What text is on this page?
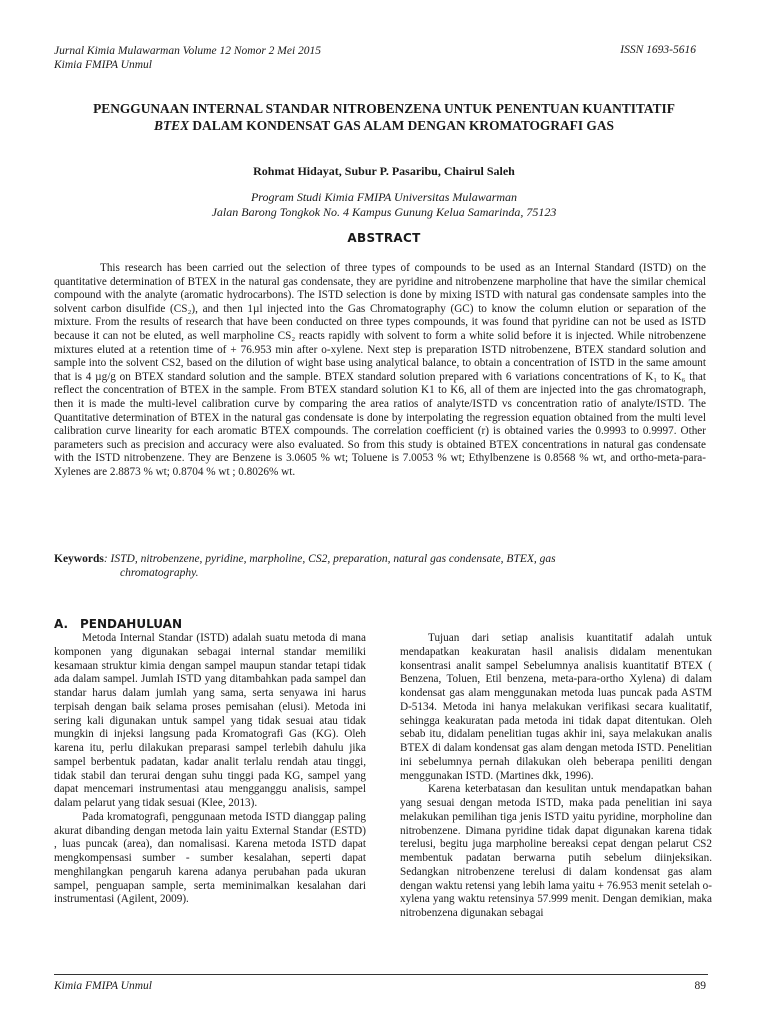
Jurnal Kimia Mulawarman Volume 12 Nomor 2 Mei 2015
Kimia FMIPA Unmul
ISSN 1693-5616
PENGGUNAAN INTERNAL STANDAR NITROBENZENA UNTUK PENENTUAN KUANTITATIF
BTEX DALAM KONDENSAT GAS ALAM DENGAN KROMATOGRAFI GAS
Rohmat Hidayat, Subur P. Pasaribu, Chairul Saleh
Program Studi Kimia FMIPA Universitas Mulawarman
Jalan Barong Tongkok No. 4 Kampus Gunung Kelua Samarinda, 75123
ABSTRACT

This research has been carried out the selection of three types of compounds to be used as an Internal Standard (ISTD) on the quantitative determination of BTEX in the natural gas condensate, they are pyridine and nitrobenzene marpholine that have the similar chemical compound with the analyte (aromatic hydrocarbons). The ISTD selection is done by mixing ISTD with natural gas condensate samples into the solvent carbon disulfide (CS₂), and then 1µl injected into the Gas Chromatography (GC) to know the column elution or separation of the mixture. From the results of research that have been conducted on three types compounds, it was found that pyridine can not be used as ISTD because it can not be eluted, as well marpholine CS₂ reacts rapidly with solvent to form a white solid before it is injected. While nitrobenzene mixtures eluted at a retention time of + 76.953 min after o-xylene. Next step is preparation ISTD nitrobenzene, BTEX standard solution and sample into the solvent CS2, based on the dilution of wight base using analytical balance, to obtain a concentration of ISTD in the same amount that is 4 µg/g on BTEX standard solution and the sample. BTEX standard solution prepared with 6 variations concentrations of K₁ to K₆ that reflect the concentration of BTEX in the sample. From BTEX standard solution K1 to K6, all of them are injected into the gas chromatograph, then it is made the multi-level calibration curve by comparing the area ratios of analyte/ISTD vs concentration ratio of analyte/ISTD. The Quantitative determination of BTEX in the natural gas condensate is done by interpolating the regression equation obtained from the multi level calibration curve linearity for each aromatic BTEX compounds. The correlation coefficient (r) is obtained varies the 0.9993 to 0.9997. Other parameters such as precision and accuracy were also evaluated. So from this study is obtained BTEX concentrations in natural gas condensate with the ISTD nitrobenzene. They are Benzene is 3.0605 % wt; Toluene is 7.0053 % wt; Ethylbenzene is 0.8568 % wt, and ortho-meta-para-Xylenes are 2.8873 % wt; 0.8704 % wt ; 0.8026% wt.

Keywords: ISTD, nitrobenzene, pyridine, marpholine, CS2, preparation, natural gas condensate, BTEX, gas
chromatography.
A. PENDAHULUAN

Metoda Internal Standar (ISTD) adalah suatu metoda di mana komponen yang digunakan sebagai internal standar memiliki kesamaan struktur kimia dengan sampel maupun standar tetapi tidak ada dalam sampel. Jumlah ISTD yang ditambahkan pada sampel dan standar harus dalam jumlah yang sama, serta senyawa ini harus terpisah dengan baik selama proses pemisahan (elusi). Metoda ini sering kali digunakan untuk sampel yang tidak sesuai atau tidak mungkin di injeksi langsung pada Kromatografi Gas (KG). Oleh karena itu, perlu dilakukan preparasi sampel terlebih dahulu jika sampel berbentuk padatan, kadar analit terlalu rendah atau tinggi, tidak stabil dan terurai dengan suhu tinggi pada KG, sampel yang dapat mencemari instrumentasi atau mengganggu analisis, sampel dalam pelarut yang tidak sesuai (Klee, 2013).

Pada kromatografi, penggunaan metoda ISTD dianggap paling akurat dibanding dengan metoda lain yaitu External Standar (ESTD) , luas puncak (area), dan nomalisasi. Karena metoda ISTD dapat mengkompensasi sumber - sumber kesalahan, seperti dapat menghilangkan pengaruh karena adanya perubahan pada ukuran sampel, penguapan sample, serta meminimalkan kesalahan dari instrumentasi (Agilent, 2009).

Tujuan dari setiap analisis kuantitatif adalah untuk mendapatkan keakuratan hasil analisis didalam menentukan konsentrasi analit sampel Sebelumnya analisis kuantitatif BTEX ( Benzena, Toluen, Etil benzena, meta-para-ortho Xylena) di dalam kondensat gas alam menggunakan metoda luas puncak pada ASTM D-5134. Metoda ini hanya melakukan verifikasi secara kualitatif, sehingga keakuratan pada metoda ini tidak dapat ditentukan. Oleh sebab itu, didalam penelitian tugas akhir ini, saya melakukan analis BTEX di dalam kondensat gas alam dengan metoda ISTD. Penelitian ini sebelumnya pernah dilakukan oleh beberapa peniliti dengan menggunakan ISTD. (Martines dkk, 1996).

Karena keterbatasan dan kesulitan untuk mendapatkan bahan yang sesuai dengan metoda ISTD, maka pada penelitian ini saya melakukan pemilihan tiga jenis ISTD yaitu pyridine, morpholine dan nitrobenzene. Dimana pyridine tidak dapat digunakan karena tidak terelusi, begitu juga marpholine bereaksi cepat dengan pelarut CS2 membentuk padatan berwarna putih sebelum diinjeksikan. Sedangkan nitrobenzene terelusi di dalam kondensat gas alam dengan waktu retensi yang lebih lama yaitu + 76.953 menit setelah o-xylena yang waktu retensinya 57.999 menit. Dengan demikian, maka nitrobenzena digunakan sebagai

Kimia FMIPA Unmul	89
